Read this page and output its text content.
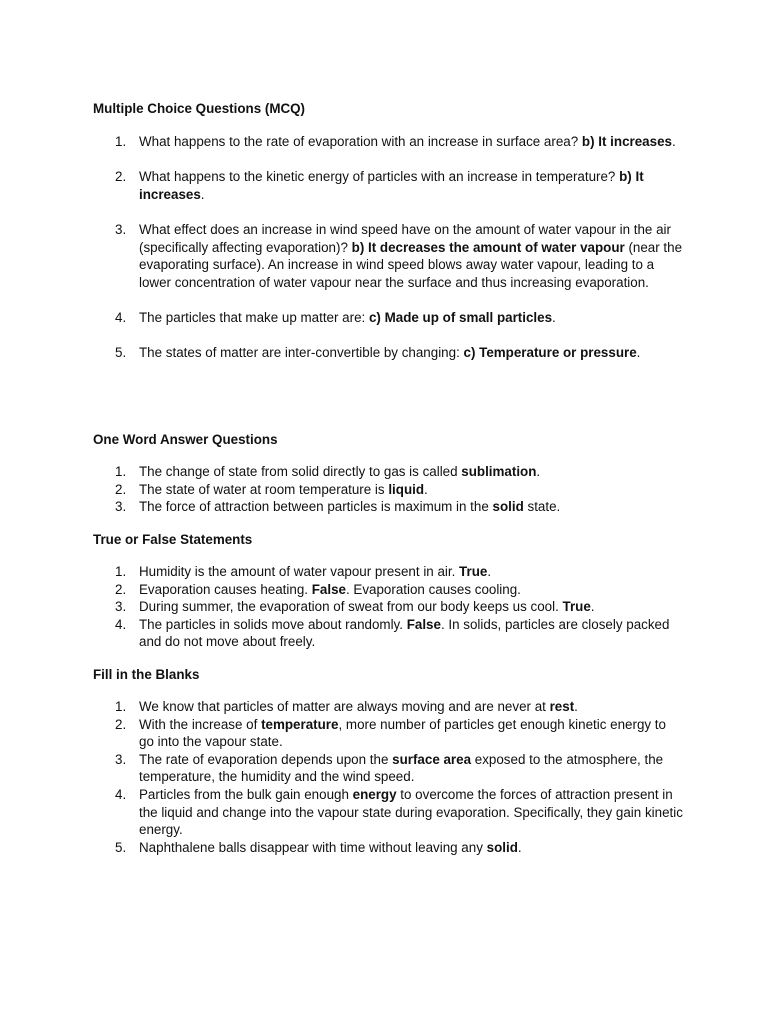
Multiple Choice Questions (MCQ)

1. What happens to the rate of evaporation with an increase in surface area? b) It increases.
2. What happens to the kinetic energy of particles with an increase in temperature? b) It increases.
3. What effect does an increase in wind speed have on the amount of water vapour in the air (specifically affecting evaporation)? b) It decreases the amount of water vapour (near the evaporating surface). An increase in wind speed blows away water vapour, leading to a lower concentration of water vapour near the surface and thus increasing evaporation.
4. The particles that make up matter are: c) Made up of small particles.
5. The states of matter are inter-convertible by changing: c) Temperature or pressure.

One Word Answer Questions

1. The change of state from solid directly to gas is called sublimation.
2. The state of water at room temperature is liquid.
3. The force of attraction between particles is maximum in the solid state.

True or False Statements

1. Humidity is the amount of water vapour present in air. True.
2. Evaporation causes heating. False. Evaporation causes cooling.
3. During summer, the evaporation of sweat from our body keeps us cool. True.
4. The particles in solids move about randomly. False. In solids, particles are closely packed and do not move about freely.

Fill in the Blanks

1. We know that particles of matter are always moving and are never at rest.
2. With the increase of temperature, more number of particles get enough kinetic energy to go into the vapour state.
3. The rate of evaporation depends upon the surface area exposed to the atmosphere, the temperature, the humidity and the wind speed.
4. Particles from the bulk gain enough energy to overcome the forces of attraction present in the liquid and change into the vapour state during evaporation. Specifically, they gain kinetic energy.
5. Naphthalene balls disappear with time without leaving any solid.
